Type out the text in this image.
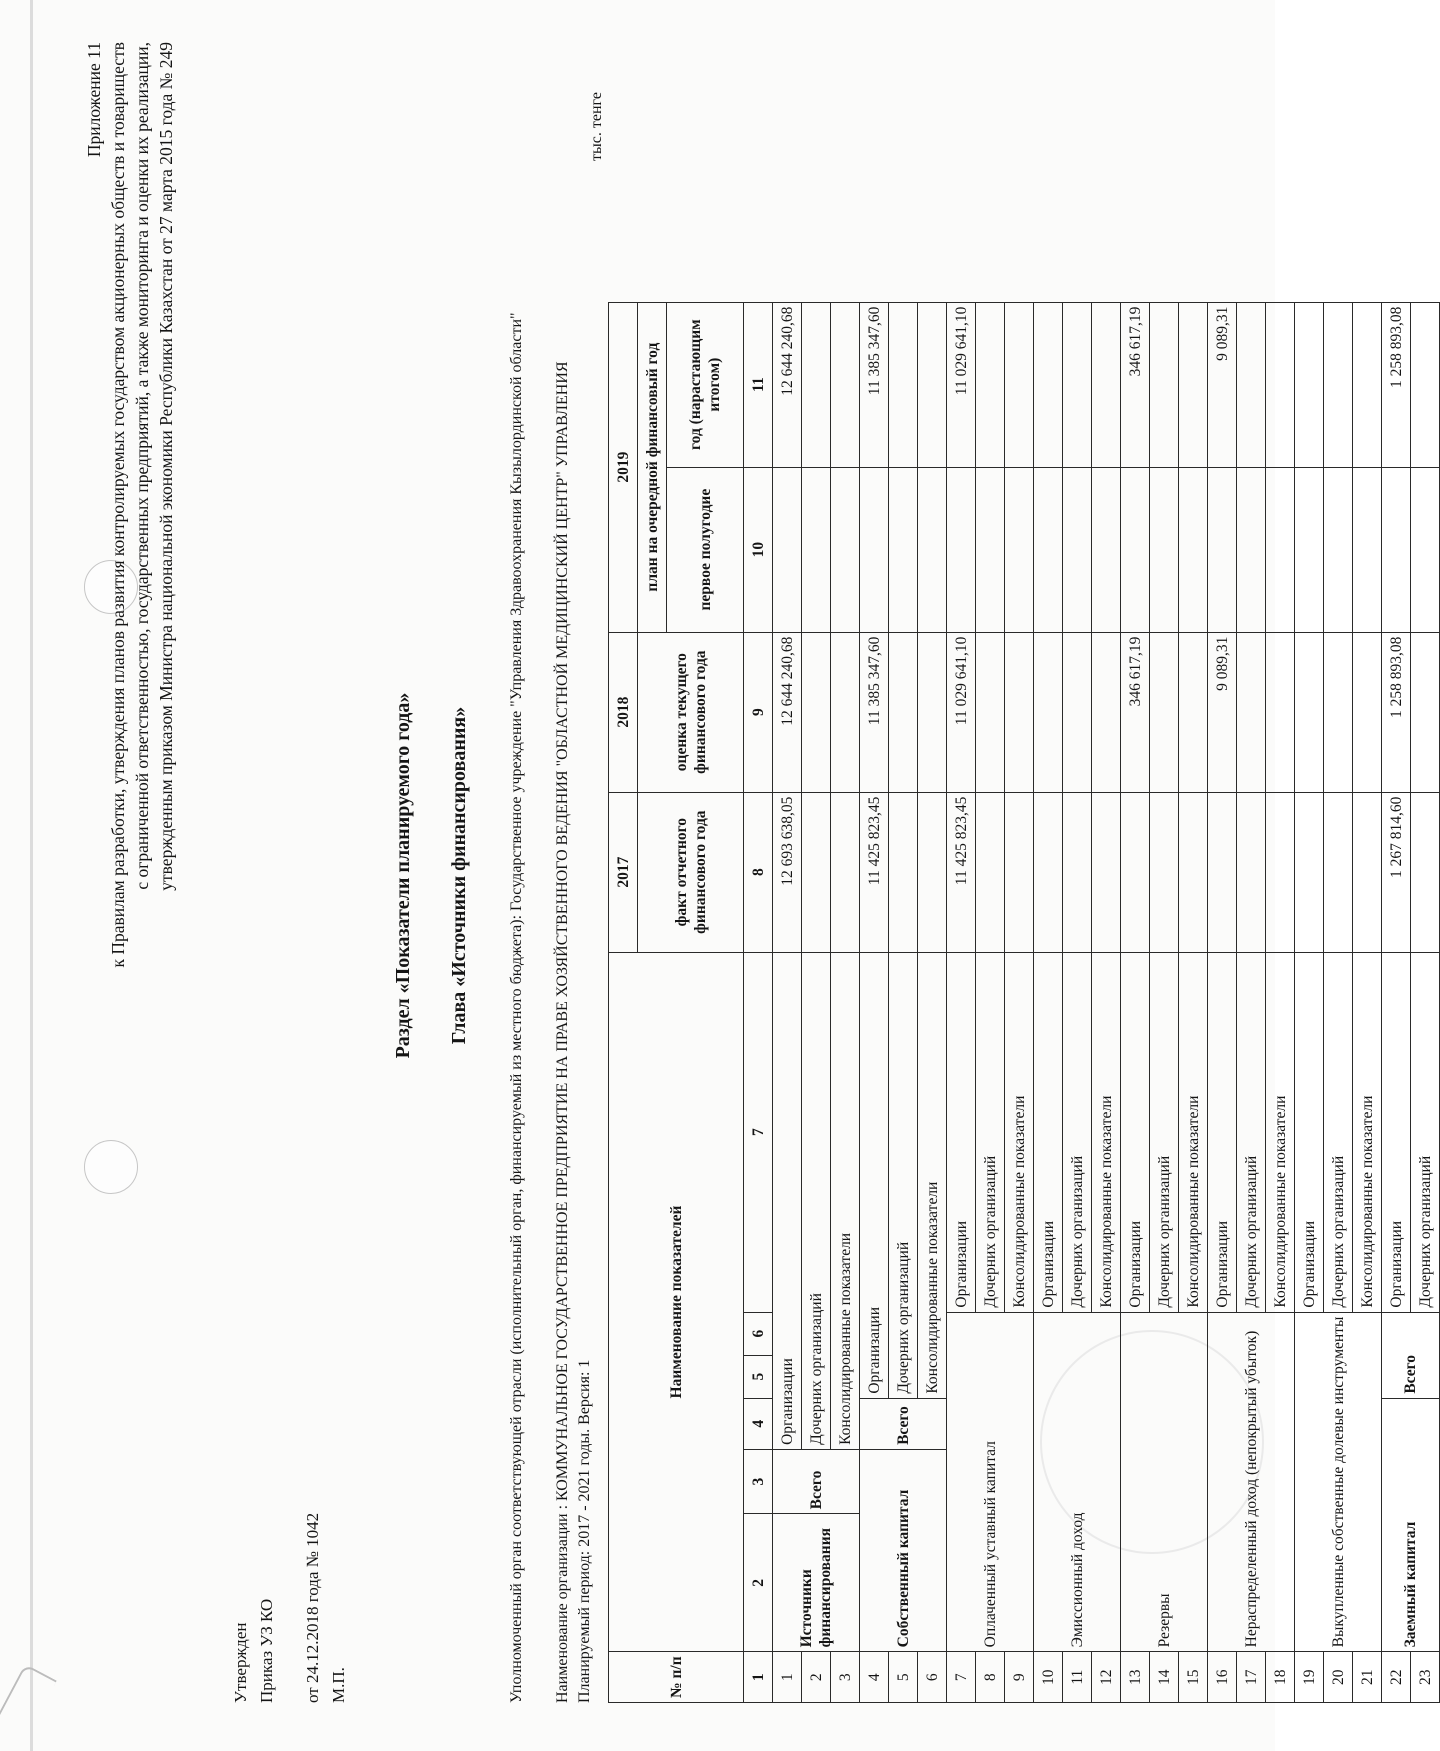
Приложение 11 к Правилам разработки, утверждения планов развития контролируемых государством акционерных обществ и товариществ с ограниченной ответственностью, государственных предприятий, а также мониторинга и оценки их реализации, утвержденным приказом Министра национальной экономики Республики Казахстан от 27 марта 2015 года № 249
Утвержден Приказ УЗ КО от 24.12.2018 года № 1042 М.П.
Раздел «Показатели планируемого года» Глава «Источники финансирования» Уполномоченный орган соответствующей отрасли (исполнительный орган, финансируемый из местного бюджета): Государственное учреждение "Управления Здравоохранения Кызылординской области" Наименование организации : КОММУНАЛЬНОЕ ГОСУДАРСТВЕННОЕ ПРЕДПРИЯТИЕ НА ПРАВЕ ХОЗЯЙСТВЕННОГО ВЕДЕНИЯ "ОБЛАСТНОЙ МЕДИЦИНСКИЙ ЦЕНТР" УПРАВЛЕНИЯ Планируемый период: 2017 - 2021 годы. Версия: 1
тыс. тенге
№ п/п	Наименование показателей						2017	2018	2019	
							факт отчетного финансового года	оценка текущего финансового года	план на очередной финансовый год	
									первое полугодие	год (нарастающим итогом)
1	2	3	4	5	6	7	8	9	10	11
1	Источники финансирования	Всего	Организации				12 693 638,05	12 644 240,68		12 644 240,68
2			Дочерних организаций							
3			Консолидированные показатели							
4	Собственный капитал		Всего	Организации			11 425 823,45	11 385 347,60		11 385 347,60
5				Дочерних организаций						
6				Консолидированные показатели						
7	Оплаченный уставный капитал					Организации	11 425 823,45	11 029 641,10		11 029 641,10
8						Дочерних организаций				
9						Консолидированные показатели				
10	Эмиссионный доход					Организации				
11						Дочерних организаций				
12						Консолидированные показатели				
13	Резервы					Организации		346 617,19		346 617,19
14						Дочерних организаций				
15						Консолидированные показатели				
16	Нераспределенный доход (непокрытый убыток)					Организации		9 089,31		9 089,31
17						Дочерних организаций				
18						Консолидированные показатели				
19	Выкупленные собственные долевые инструменты					Организации				
20						Дочерних организаций				
21						Консолидированные показатели				
22	Заемный капитал			Всего		Организации	1 267 814,60	1 258 893,08		1 258 893,08
23						Дочерних организаций				
